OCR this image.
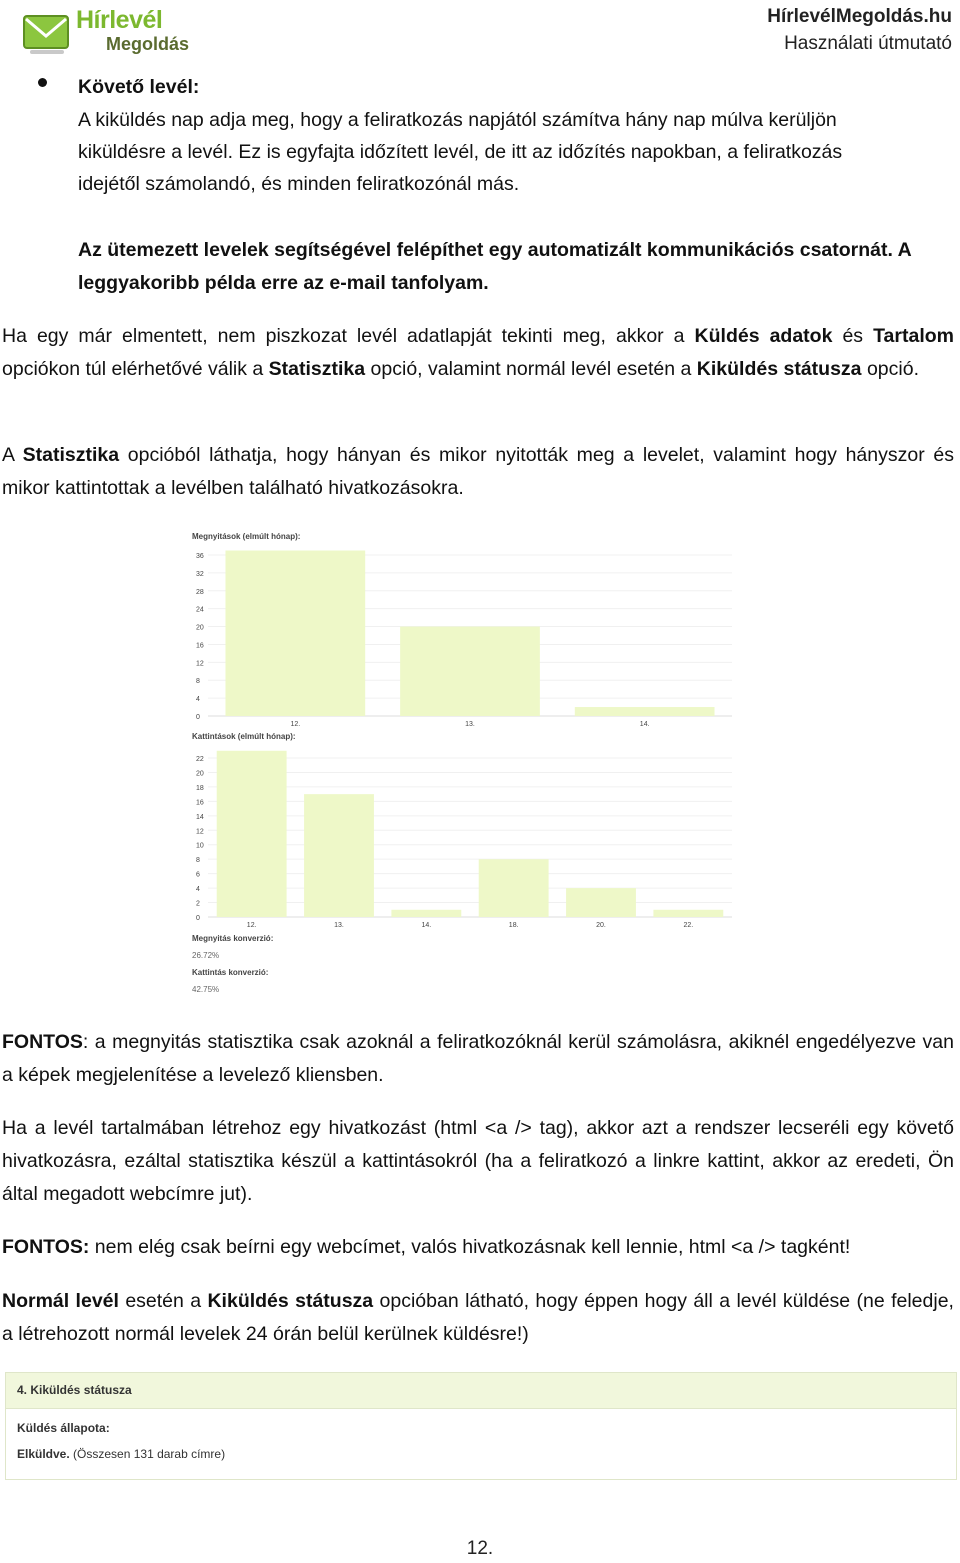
Hírlevél
Megoldás
HírlevélMegoldás.hu
Használati útmutató
Követő levél:
A kiküldés nap adja meg, hogy a feliratkozás napjától számítva hány nap múlva kerüljön
kiküldésre a levél. Ez is egyfajta időzített levél, de itt az időzítés napokban, a feliratkozás
idejétől számolandó, és minden feliratkozónál más.
Az ütemezett levelek segítségével felépíthet egy automatizált kommunikációs csatornát. A
leggyakoribb példa erre az e-mail tanfolyam.
Ha egy már elmentett, nem piszkozat levél adatlapját tekinti meg, akkor a Küldés adatok és Tartalom opciókon túl elérhetővé válik a Statisztika opció, valamint normál levél esetén a Kiküldés státusza opció.
A Statisztika opcióból láthatja, hogy hányan és mikor nyitották meg a levelet, valamint hogy hányszor és mikor kattintottak a levélben található hivatkozásokra.
Megnyitások (elmúlt hónap):
36
32
28
24
20
16
12
8
4
0
12.	13.	14.
Kattintások (elmúlt hónap):
22
20
18
16
14
12
10
8
6
4
2
0
12.	13.	14.	18.	20.	22.
Megnyitás konverzió:
26.72%
Kattintás konverzió:
42.75%
FONTOS: a megnyitás statisztika csak azoknál a feliratkozóknál kerül számolásra, akiknél engedélyezve van a képek megjelenítése a levelező kliensben.
Ha a levél tartalmában létrehoz egy hivatkozást (html <a /> tag), akkor azt a rendszer lecseréli egy követő hivatkozásra, ezáltal statisztika készül a kattintásokról (ha a feliratkozó a linkre kattint, akkor az eredeti, Ön által megadott webcímre jut).
FONTOS: nem elég csak beírni egy webcímet, valós hivatkozásnak kell lennie, html <a /> tagként!
Normál levél esetén a Kiküldés státusza opcióban látható, hogy éppen hogy áll a levél küldése (ne feledje, a létrehozott normál levelek 24 órán belül kerülnek küldésre!)
4. Kiküldés státusza
Küldés állapota:
Elküldve. (Összesen 131 darab címre)
12.
